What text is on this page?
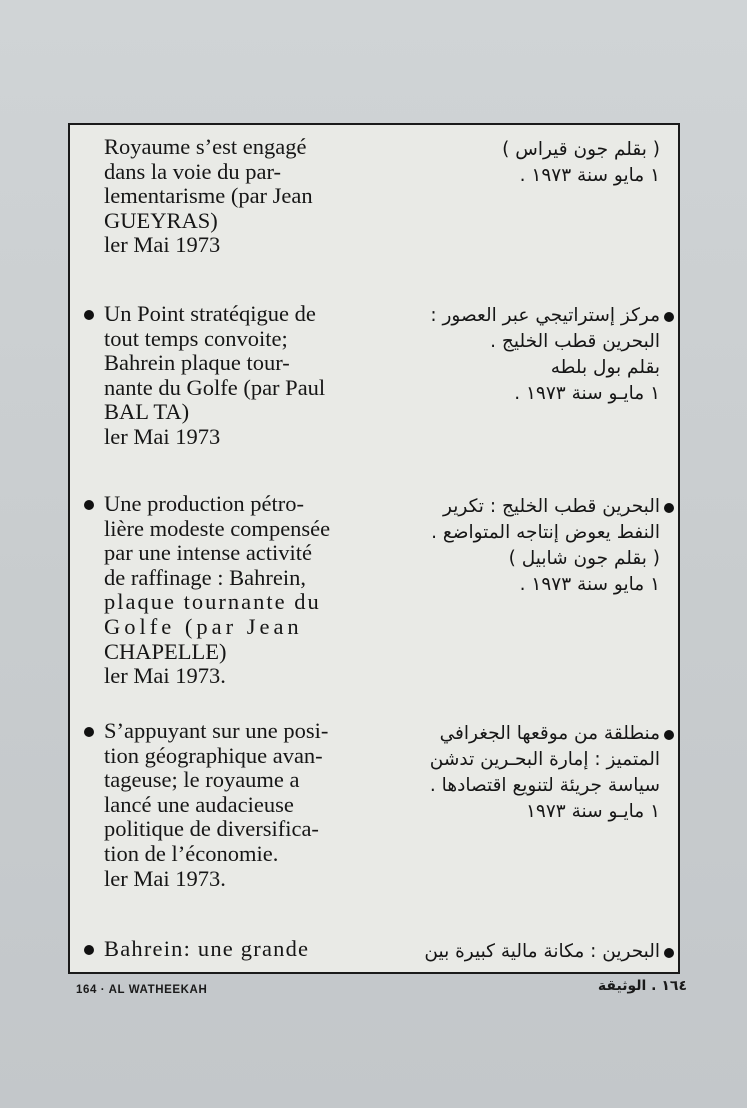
Royaume s’est engagé
dans la voie du par-
lementarisme (par Jean
GUEYRAS)
ler Mai 1973
Un Point stratéqigue de
tout temps convoite;
Bahrein plaque tour-
nante du Golfe (par Paul
BAL TA)
ler Mai 1973
Une production pétro-
lière modeste compensée
par une intense activité
de raffinage : Bahrein,
plaque tournante du
Golfe (par Jean
CHAPELLE)
ler Mai 1973.
S’appuyant sur une posi-
tion géographique avan-
tageuse; le royaume a
lancé une audacieuse
politique de diversifica-
tion de l’économie.
ler Mai 1973.
Bahrein: une grande
( بقلم جون قيراس )
١ مايو سنة ١٩٧٣ .
مركز إستراتيجي عبر العصور :
البحرين قطب الخليج .
بقلم بول بلطه
١ مايـو سنة ١٩٧٣ .
البحرين قطب الخليج : تكرير
النفط يعوض إنتاجه المتواضع .
( بقلم جون شابيل )
١ مايو سنة ١٩٧٣ .
منطلقة من موقعها الجغرافي
المتميز : إمارة البحـرين تدشن
سياسة جريئة لتنويع اقتصادها .
١ مايـو سنة ١٩٧٣
البحرين : مكانة مالية كبيرة بين
164 · AL WATHEEKAH	١٦٤ . الوثيقة
